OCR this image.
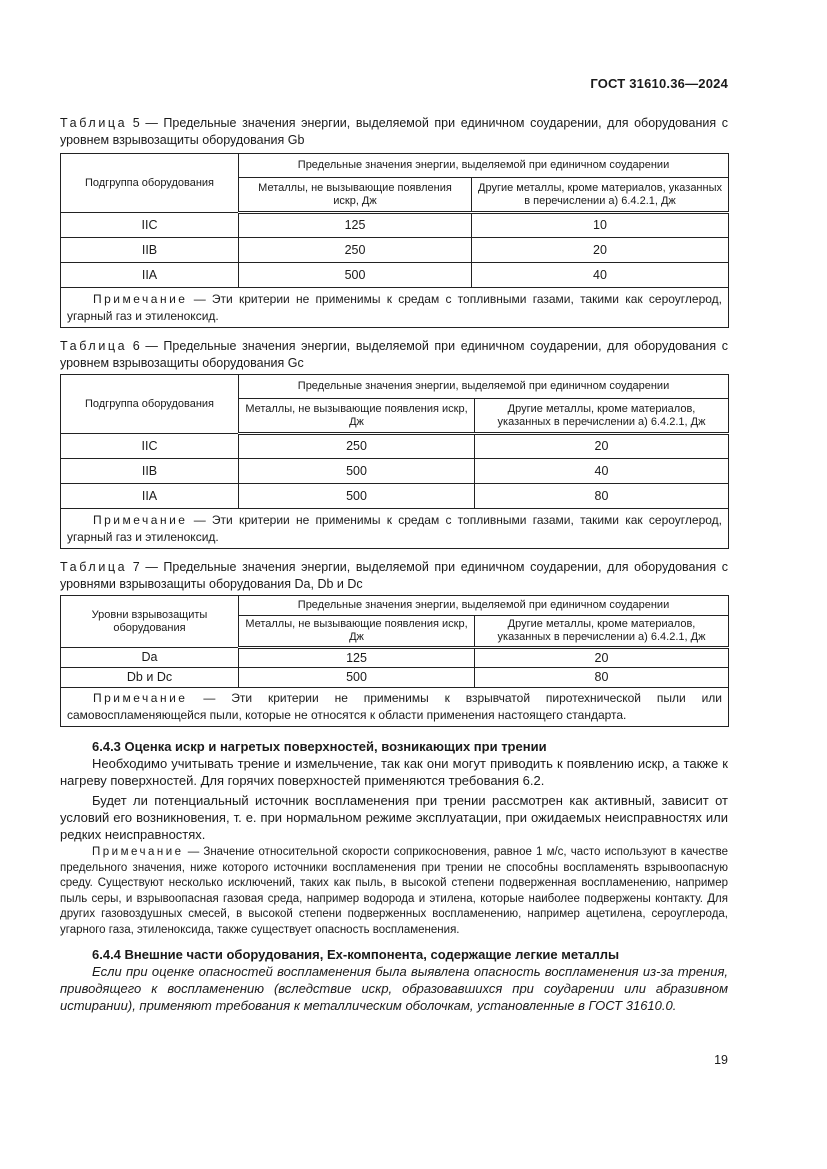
ГОСТ 31610.36—2024
Таблица 5 — Предельные значения энергии, выделяемой при единичном соударении, для оборудования с уровнем взрывозащиты оборудования Gb
Подгруппа оборудования	Предельные значения энергии, выделяемой при единичном соударении	
	Металлы, не вызывающие появления искр, Дж	Другие металлы, кроме материалов, указанных в перечислении а) 6.4.2.1, Дж
IIC	125	10
IIB	250	20
IIA	500	40
Примечание — Эти критерии не применимы к средам с топливными газами, такими как сероуглерод, угарный газ и этиленоксид.		
Таблица 6 — Предельные значения энергии, выделяемой при единичном соударении, для оборудования с уровнем взрывозащиты оборудования Gc
Подгруппа оборудования	Предельные значения энергии, выделяемой при единичном соударении	
	Металлы, не вызывающие появления искр, Дж	Другие металлы, кроме материалов, указанных в перечислении а) 6.4.2.1, Дж
IIC	250	20
IIB	500	40
IIA	500	80
Примечание — Эти критерии не применимы к средам с топливными газами, такими как сероуглерод, угарный газ и этиленоксид.		
Таблица 7 — Предельные значения энергии, выделяемой при единичном соударении, для оборудования с уровнями взрывозащиты оборудования Da, Db и Dc
Уровни взрывозащиты оборудования	Предельные значения энергии, выделяемой при единичном соударении	
	Металлы, не вызывающие появления искр, Дж	Другие металлы, кроме материалов, указанных в перечислении а) 6.4.2.1, Дж
Da	125	20
Db и Dc	500	80
Примечание — Эти критерии не применимы к взрывчатой пиротехнической пыли или самовоспламеняющейся пыли, которые не относятся к области применения настоящего стандарта.		
6.4.3 Оценка искр и нагретых поверхностей, возникающих при трении

Необходимо учитывать трение и измельчение, так как они могут приводить к появлению искр, а также к нагреву поверхностей. Для горячих поверхностей применяются требования 6.2.

Будет ли потенциальный источник воспламенения при трении рассмотрен как активный, зависит от условий его возникновения, т. е. при нормальном режиме эксплуатации, при ожидаемых неисправностях или редких неисправностях.

Примечание — Значение относительной скорости соприкосновения, равное 1 м/с, часто используют в качестве предельного значения, ниже которого источники воспламенения при трении не способны воспламенять взрывоопасную среду. Существуют несколько исключений, таких как пыль, в высокой степени подверженная воспламенению, например пыль серы, и взрывоопасная газовая среда, например водорода и этилена, которые наиболее подвержены контакту. Для других газовоздушных смесей, в высокой степени подверженных воспламенению, например ацетилена, сероуглерода, угарного газа, этиленоксида, также существует опасность воспламенения.
6.4.4 Внешние части оборудования, Ex-компонента, содержащие легкие металлы

Если при оценке опасностей воспламенения была выявлена опасность воспламенения из-за трения, приводящего к воспламенению (вследствие искр, образовавшихся при соударении или абразивном истирании), применяют требования к металлическим оболочкам, установленные в ГОСТ 31610.0.

19
